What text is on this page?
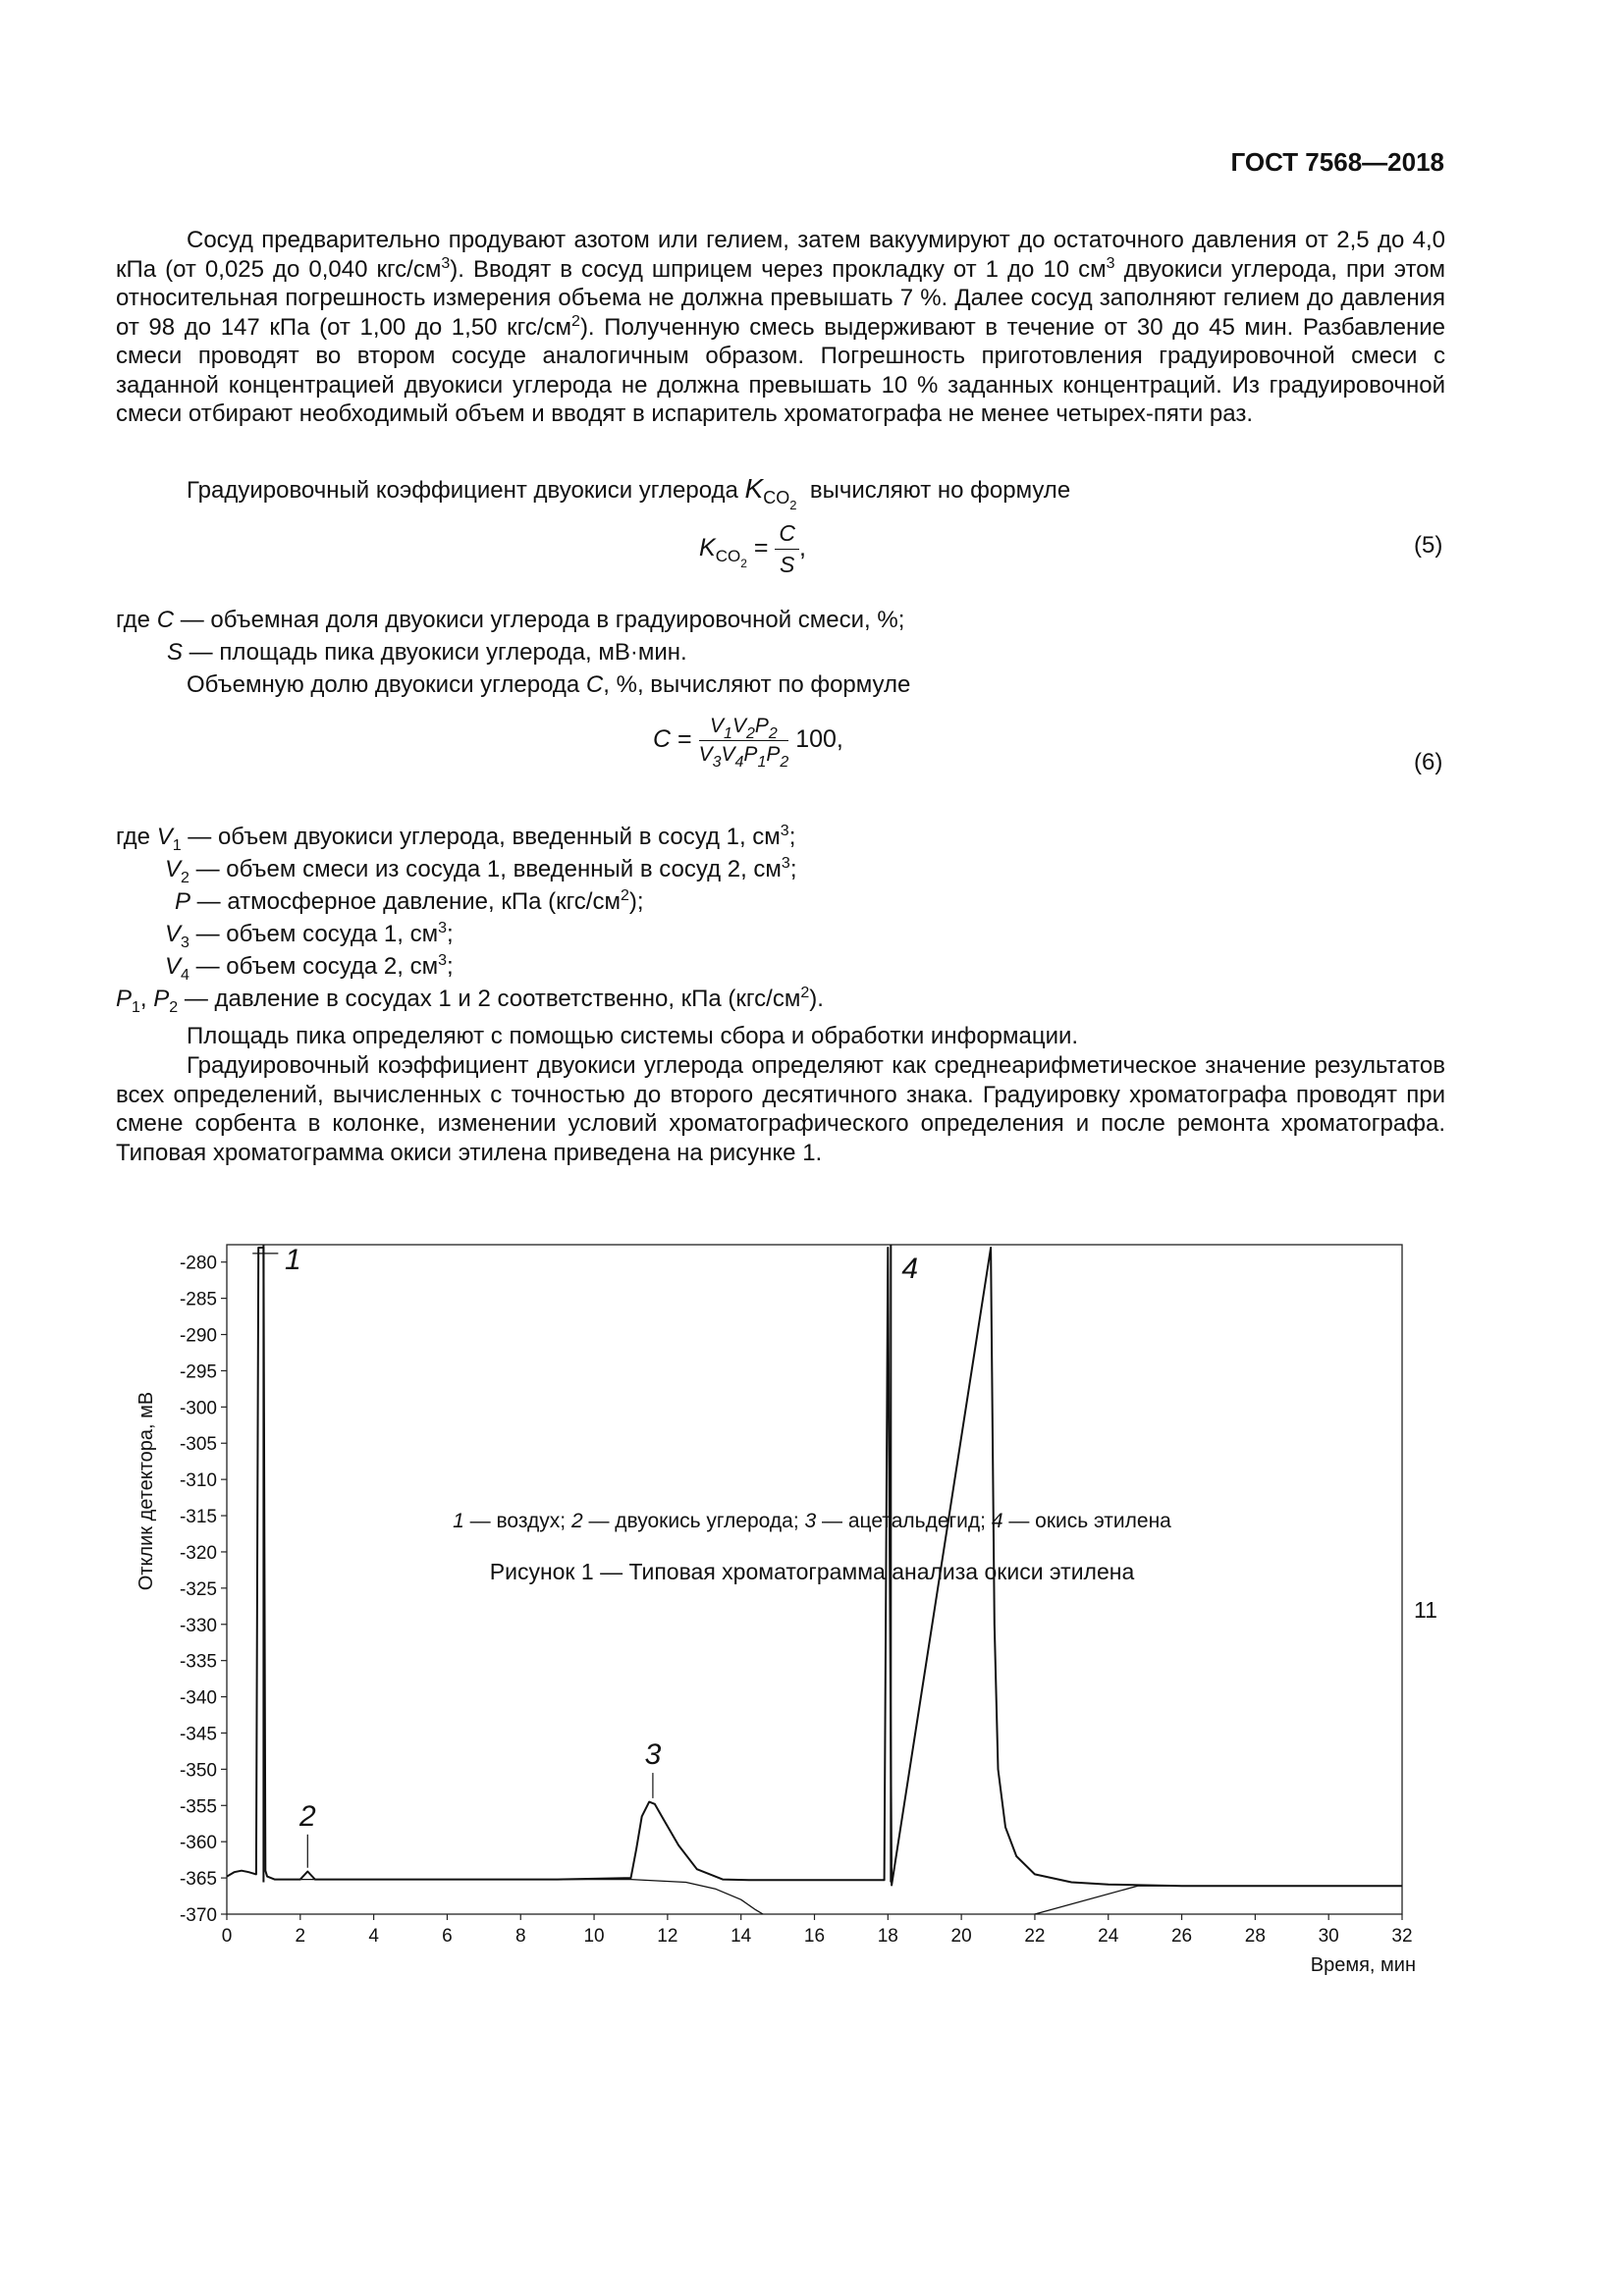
ГОСТ 7568—2018
Сосуд предварительно продувают азотом или гелием, затем вакуумируют до остаточного давления от 2,5 до 4,0 кПа (от 0,025 до 0,040 кгс/$см^3$). Вводят в сосуд шприцем через прокладку от 1 до 10 $см^3$ двуокиси углерода, при этом относительная погрешность измерения объема не должна превышать 7 %. Далее сосуд заполняют гелием до давления от 98 до 147 кПа (от 1,00 до 1,50 кгс/$см^2$). Полученную смесь выдерживают в течение от 30 до 45 мин. Разбавление смеси проводят во втором сосуде аналогичным образом. Погрешность приготовления градуировочной смеси с заданной концентрацией двуокиси углерода не должна превышать 10 % заданных концентраций. Из градуировочной смеси отбирают необходимый объем и вводят в испаритель хроматографа не менее четырех-пяти раз.
Градуировочный коэффициент двуокиси углерода $K_{CO_2}$  вычисляют но формуле
$K_{CO_2} = \frac{C}{S}$ ,	(5)
где C — объемная доля двуокиси углерода в градуировочной смеси, %;
S — площадь пика двуокиси углерода, мВ·мин.
Объемную долю двуокиси углерода C, %, вычисляют по формуле
$C = \frac{V_1V_2P_2}{V_3V_4P_1P_2} 100$,
(6)
где $V_1$ — объем двуокиси углерода, введенный в сосуд 1, $см^3$;
$V_2$ — объем смеси из сосуда 1, введенный в сосуд 2, $см^3$;
P — атмосферное давление, кПа $(кгс/см^2)$;
$V_3$ — объем сосуда 1, $см^3$;
$V_4$ — объем сосуда 2, $см^3$;
$P_1$, $P_2$ — давление в сосудах 1 и 2 соответственно, кПа $(кгс/см^2)$.
Площадь пика определяют с помощью системы сбора и обработки информации.
Градуировочный коэффициент двуокиси углерода определяют как среднеарифметическое значение результатов всех определений, вычисленных с точностью до второго десятичного знака. Градуировку хроматографа проводят при смене сорбента в колонке, изменении условий хроматографического определения и после ремонта хроматографа. Типовая хроматограмма окиси этилена приведена на рисунке 1.
-280
-285
-290
-295
-300
-305
-310
-315
-320
-325
-330
-335
-340
-345
-350
-355
-360
-365
-370
0	2	4	6	8	10	12	14	16	18	20	22	24	26	28	30	32
Время, мин
Отклик детектора, мВ
1
2
3
4
1 — воздух; 2 — двуокись углерода; 3 — ацетальдегид; 4 — окись этилена
Рисунок 1 — Типовая хроматограмма анализа окиси этилена
11
